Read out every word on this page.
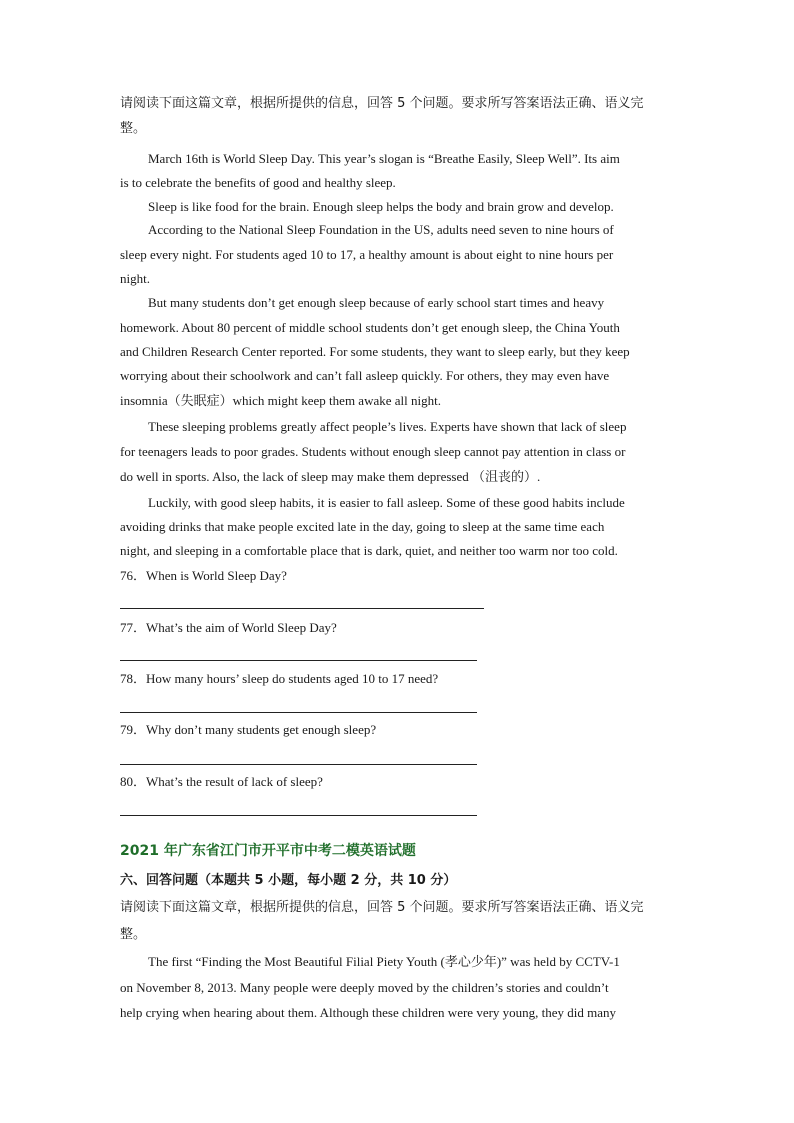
请阅读下面这篇文章，根据所提供的信息，回答 5 个问题。要求所写答案语法正确、语义完
整。
March 16th is World Sleep Day. This year’s slogan is “Breathe Easily, Sleep Well”. Its aim
is to celebrate the benefits of good and healthy sleep.
Sleep is like food for the brain. Enough sleep helps the body and brain grow and develop.
According to the National Sleep Foundation in the US, adults need seven to nine hours of
sleep every night. For students aged 10 to 17, a healthy amount is about eight to nine hours per
night.
But many students don’t get enough sleep because of early school start times and heavy
homework. About 80 percent of middle school students don’t get enough sleep, the China Youth
and Children Research Center reported. For some students, they want to sleep early, but they keep
worrying about their schoolwork and can’t fall asleep quickly. For others, they may even have
insomnia（失眠症）which might keep them awake all night.
These sleeping problems greatly affect people’s lives. Experts have shown that lack of sleep
for teenagers leads to poor grades. Students without enough sleep cannot pay attention in class or
do well in sports. Also, the lack of sleep may make them depressed （沮丧的）.
Luckily, with good sleep habits, it is easier to fall asleep. Some of these good habits include
avoiding drinks that make people excited late in the day, going to sleep at the same time each
night, and sleeping in a comfortable place that is dark, quiet, and neither too warm nor too cold.
76．When is World Sleep Day?
77．What’s the aim of World Sleep Day?
78．How many hours’ sleep do students aged 10 to 17 need?
79．Why don’t many students get enough sleep?
80．What’s the result of lack of sleep?
2021 年广东省江门市开平市中考二模英语试题
六、回答问题（本题共 5 小题，每小题 2 分，共 10 分）
请阅读下面这篇文章，根据所提供的信息，回答 5 个问题。要求所写答案语法正确、语义完
整。
The first “Finding the Most Beautiful Filial Piety Youth (孝心少年)” was held by CCTV-1
on November 8, 2013. Many people were deeply moved by the children’s stories and couldn’t
help crying when hearing about them. Although these children were very young, they did many
